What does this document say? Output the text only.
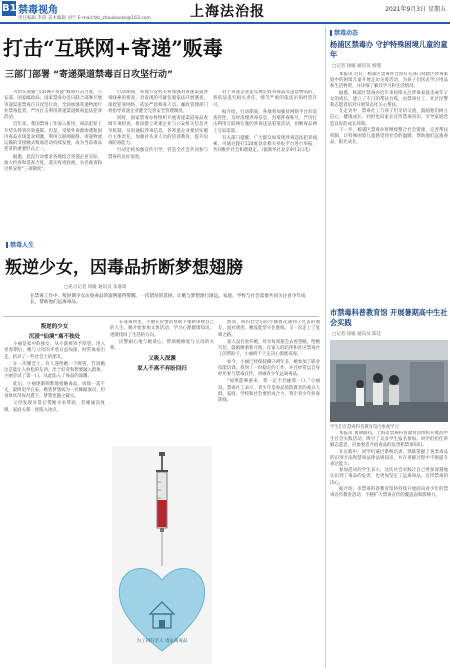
B1 禁毒视角
责任编辑 李蓓 美术编辑 刘宇 E-mail:fzb_zhoubaoke@163.com	上海法治报	2021年9月3日 星期五
打击“互联网+寄递”贩毒
三部门部署 “寄递渠道禁毒百日攻坚行动”

为切实加强“互联网+寄递”贩毒打击力度，公安部、国家邮政局、国家禁毒办近日联合部署开展寄递渠道禁毒百日攻坚行动，全面加强寄递物流行业禁毒监管，严厉打击利用寄递渠道贩毒违法犯罪活动。

近年来，我国禁毒工作深入推进，毒品犯罪上升势头得到有效遏制。但是，受境外毒源渗透和国内毒品市场需求刺激，利用互联网联络、寄递物流运输的非接触式贩毒活动持续发展，成为当前毒品犯罪的重要形式之一。

据悉，此次行动要求各地结合寄递企业实际，加大检查和巡查力度，落实收寄验视、实名收寄和过机安检“三项制度”。

行动期间，各地公安机关将加强对寄递渠道涉毒线索的排查，对发现的可疑包裹依法开展调查，深挖犯罪网络，依法严惩贩毒人员。邮政管理部门将指导寄递企业健全完善安全管理制度。

同时，国家禁毒办将组织开展寄递渠道毒品查缉专项检查，推动建立寄递企业与公安机关信息共享机制，及时通报涉毒信息。各寄递企业要切实履行主体责任，加强对从业人员的培训教育，提升识毒防毒能力。

行动还将加强宣传引导，营造全社会共同参与禁毒的良好氛围。

对于寄递企业违反规定收寄毒品等违禁物品的，将依法追究相关责任，情节严重的依法吊销经营许可。

据介绍，行动期间，各地将加强对网络平台的巡查管控，及时清理涉毒信息，封堵涉毒账号，严厉打击利用互联网实施的涉毒违法犯罪活动，切断毒品网上交易渠道。

有关部门提醒，广大群众如发现涉毒违法犯罪线索，可通过拨打110或登录相关举报平台进行举报，共同维护社会和谐稳定。（据新华社北京9月2日电）

禁毒人生
叛逆少女，因毒品折断梦想翅膀
□见习记者 徐媛 通讯员 朱嘉琦
在禁毒工作中，叛逆期少女沾染毒品的案例值得警醒。一次错误的选择，让她与梦想渐行渐远。家庭、学校与社会需要共同关注青少年成长，帮助他们远离毒品。
叛逆的少女
沉浸“仙境”离不独处

小丽是家中的独女，从小就被寄予厚望。进入青春期后，她与父母的矛盾日益加深，时常离家出走，结识了一些社会上的朋友。

在一次聚会上，有人递给她一个吸管，告诉她这是能让人放松的东西。出于好奇和想要融入群体，小丽尝试了第一口，从此陷入了毒品的深渊。

此后，小丽逐渐频繁地接触毒品，成绩一落千丈，最终退学在家。她曾梦想成为一名舞蹈演员，但身体状况每况愈下，梦想也随之破灭。

父母发现异常后带她寻求帮助，但她屡次复吸，家庭关系一度陷入冰点。

在戒毒所里，小丽在民警的帮助下重新审视自己的人生。她开始参加文体活动，学习心理健康知识，逐渐找回了生活的方向。

民警耐心地与她谈心，帮助她修复与父母的关系。

又吸入深渊
家人不离不弃盼回归

然而，回归社会后的小丽再次遇到了过去的朋友，面对诱惑，她没能坚守住底线，又一次走上了复吸之路。

家人没有放弃她。母亲每周都会去看望她，给她写信，鼓励她重新开始。在家人的陪伴和社区禁毒社工的帮助下，小丽终于下定决心彻底戒毒。

如今，小丽已经保持操守两年多，她参加了职业技能培训，找到了一份稳定的工作，并且经常以自身经历参与禁毒宣传，劝诫青少年远离毒品。

“如果能够重来，我一定不会碰那一口。”小丽说。禁毒社工表示，青少年是毒品预防教育的重点人群，家庭、学校和社会要形成合力，筑牢青少年拒毒防线。

为了回归亲人 请远离毒品
禁毒动态
杨浦区禁毒办 守护特殊困境儿童的童年
□记者 徐媛 通讯员 杨瑾

本报讯 近日，杨浦区禁毒办会同有关部门对辖区涉毒家庭中的困境儿童开展走访关爱活动，为孩子们送去学习用品和生活物资，并详细了解其学习和生活情况。

据悉，杨浦区禁毒办近年来持续关注涉毒家庭未成年子女的成长，建立了专门的帮扶台账，由禁毒社工、社区民警和志愿者结对开展常态化关心帮扶。

在走访中，禁毒社工与孩子们亲切交流，鼓励他们树立信心，健康成长。同时也向家长宣传禁毒知识，引导家庭营造良好的成长环境。

下一步，杨浦区禁毒办将继续整合社会资源，完善帮扶机制，让特殊困境儿童感受到社会的温暖，帮助他们远离毒品，阳光成长。

市禁毒科普教育馆 开展暑期高中生社会实践
□记者 徐媛 通讯员 陈佳
学生们在禁毒科普教育馆内参观学习

本报讯 暑期期间，上海市禁毒科普教育馆组织开展高中生社会实践活动，吸引了众多学生报名参加。同学们担任讲解志愿者，向参观者介绍毒品的危害和禁毒知识。

在实践中，同学们通过系统培训，熟练掌握了各类毒品的识别方法和禁毒法律法规知识，并在讲解过程中不断提升表达能力。

参加活动的学生表示，这次社会实践让自己更加深刻地认识到了毒品的危害，也更加坚定了远离毒品、宣传禁毒的决心。

据介绍，市禁毒科普教育馆将持续开展面向青少年的禁毒宣传教育活动，不断扩大禁毒宣传的覆盖面和影响力。
